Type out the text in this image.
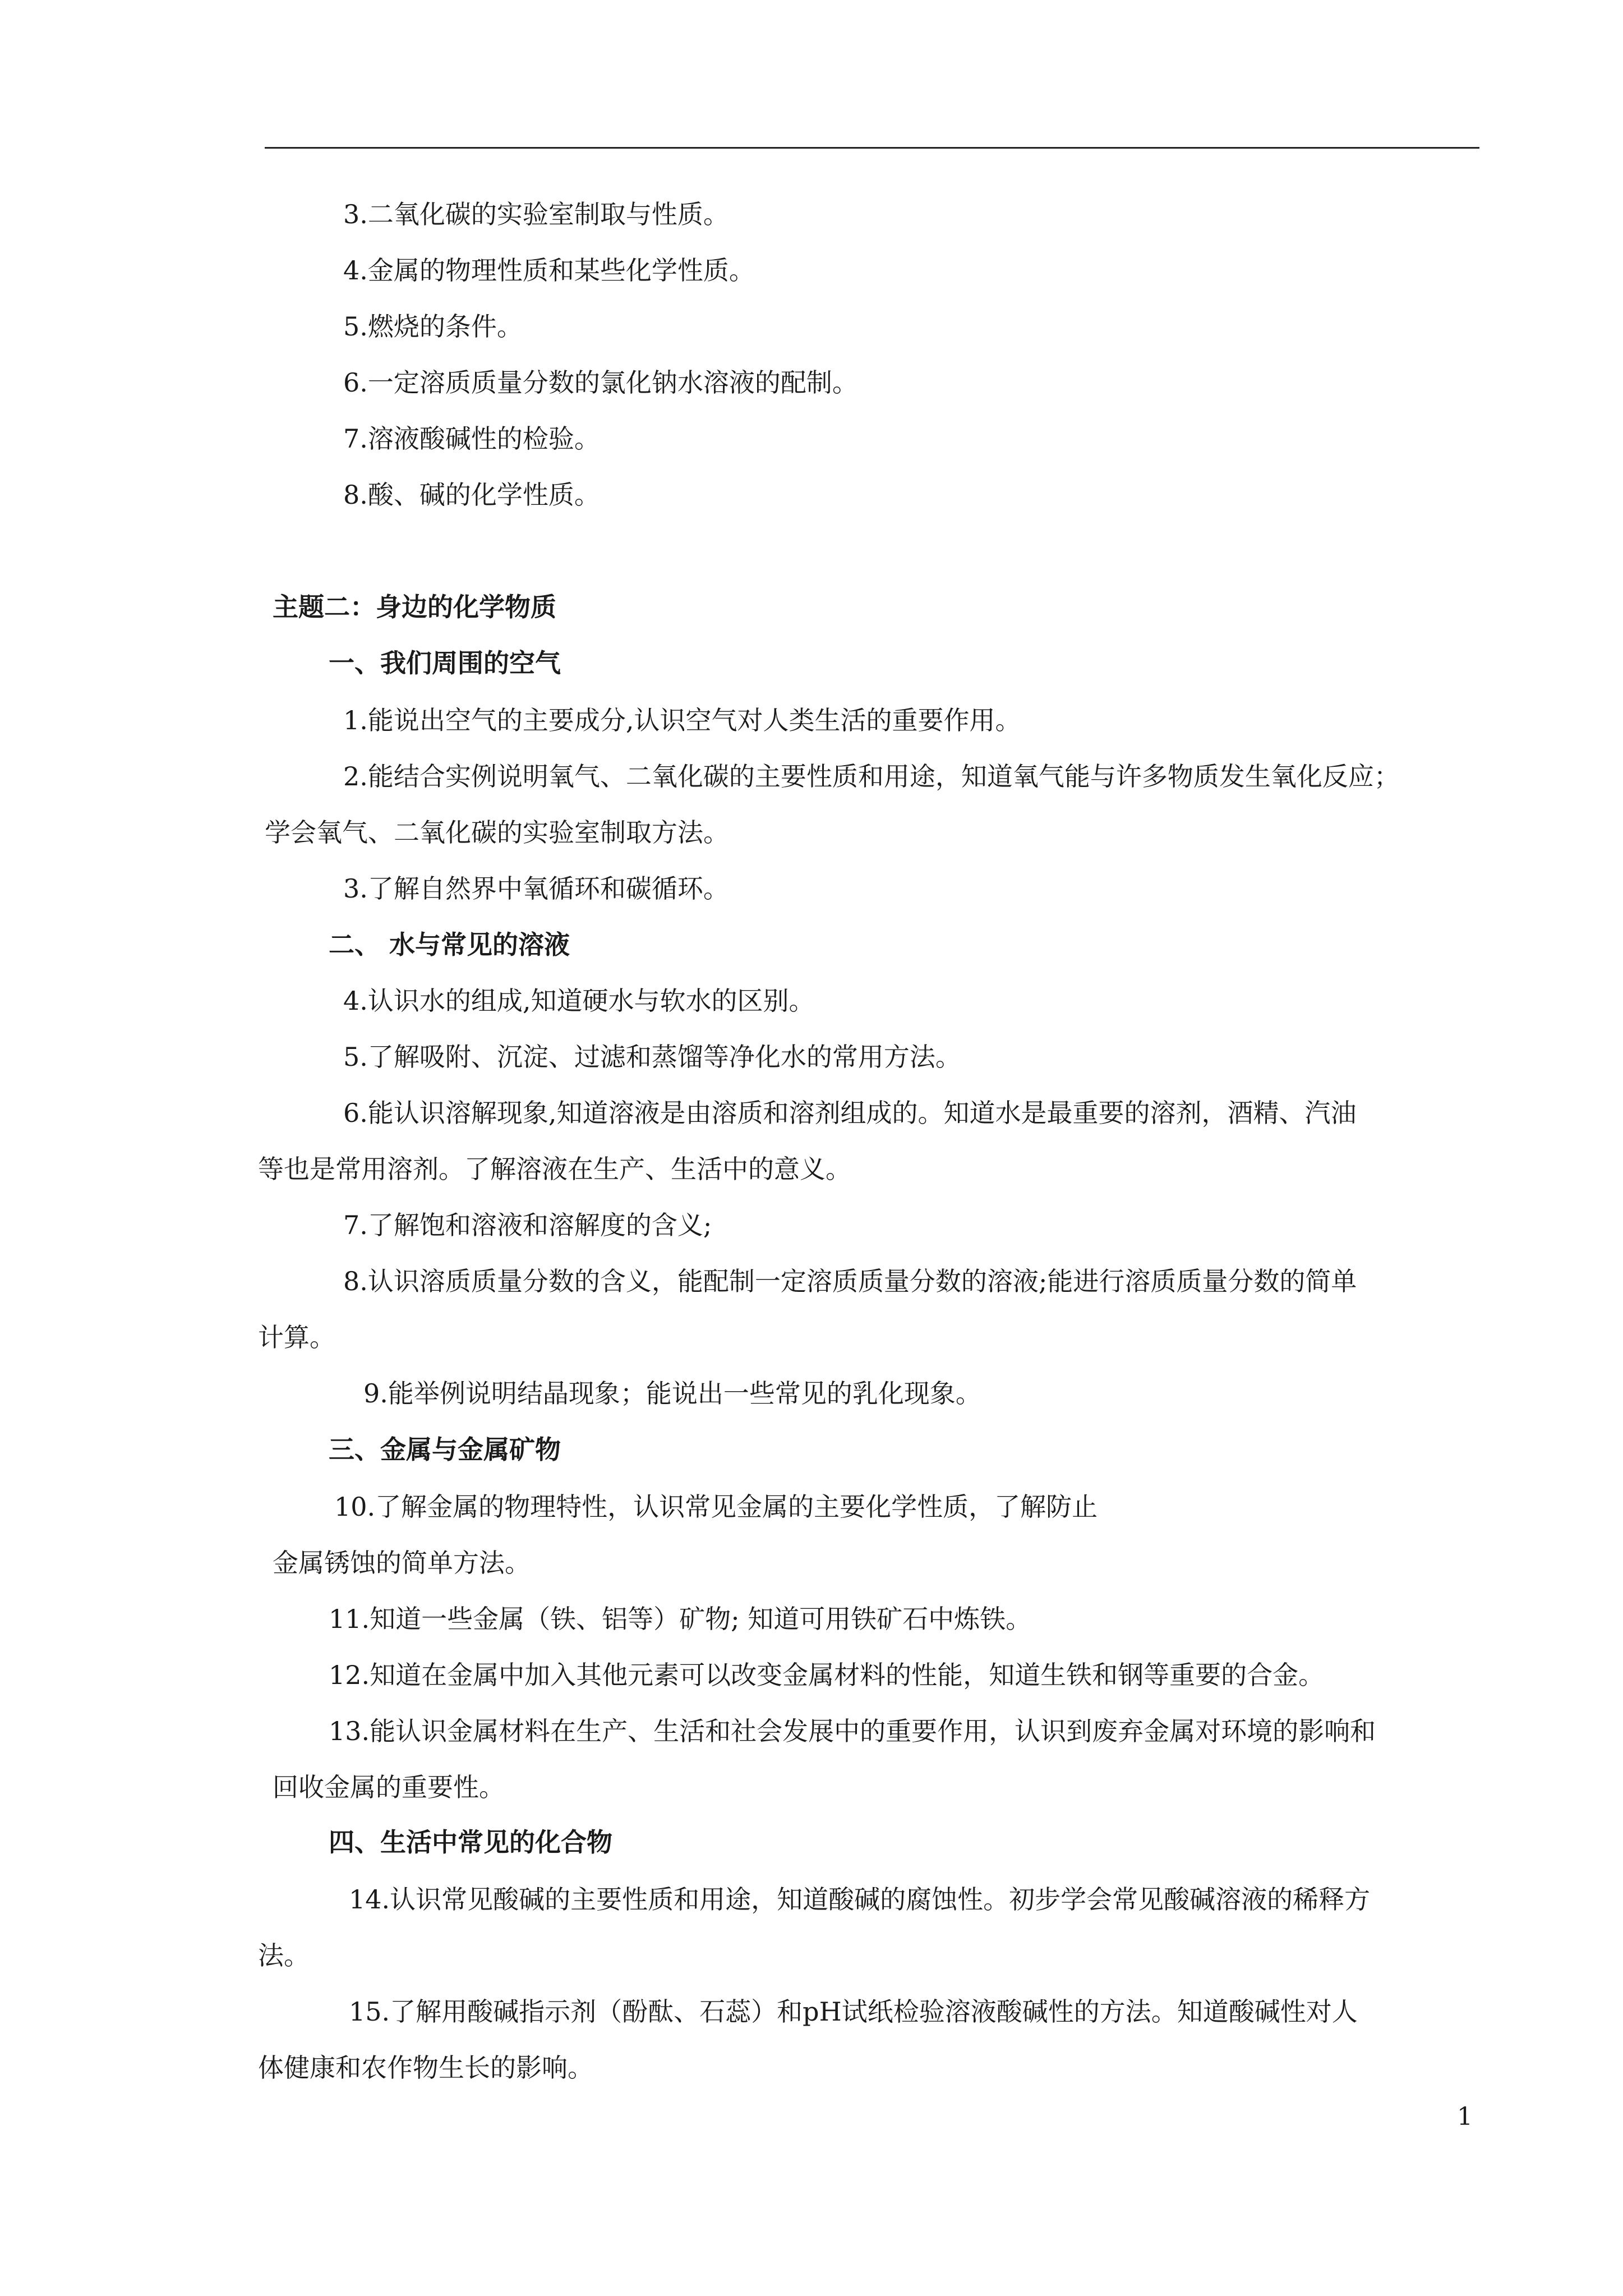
3.二氧化碳的实验室制取与性质。
4.金属的物理性质和某些化学性质。
5.燃烧的条件。
6.一定溶质质量分数的氯化钠水溶液的配制。
7.溶液酸碱性的检验。
8.酸、碱的化学性质。
主题二：身边的化学物质
一、我们周围的空气
1.能说出空气的主要成分,认识空气对人类生活的重要作用。
2.能结合实例说明氧气、二氧化碳的主要性质和用途，知道氧气能与许多物质发生氧化反应；
学会氧气、二氧化碳的实验室制取方法。
3.了解自然界中氧循环和碳循环。
二、 水与常见的溶液
4.认识水的组成,知道硬水与软水的区别。
5.了解吸附、沉淀、过滤和蒸馏等净化水的常用方法。
6.能认识溶解现象,知道溶液是由溶质和溶剂组成的。知道水是最重要的溶剂，酒精、汽油
等也是常用溶剂。了解溶液在生产、生活中的意义。
7.了解饱和溶液和溶解度的含义;
8.认识溶质质量分数的含义，能配制一定溶质质量分数的溶液;能进行溶质质量分数的简单
计算。
9.能举例说明结晶现象；能说出一些常见的乳化现象。
三、金属与金属矿物
10.了解金属的物理特性，认识常见金属的主要化学性质，了解防止
金属锈蚀的简单方法。
11.知道一些金属（铁、铝等）矿物; 知道可用铁矿石中炼铁。
12.知道在金属中加入其他元素可以改变金属材料的性能，知道生铁和钢等重要的合金。
13.能认识金属材料在生产、生活和社会发展中的重要作用，认识到废弃金属对环境的影响和
回收金属的重要性。
四、生活中常见的化合物
14.认识常见酸碱的主要性质和用途，知道酸碱的腐蚀性。初步学会常见酸碱溶液的稀释方
法。
15.了解用酸碱指示剂（酚酞、石蕊）和pH试纸检验溶液酸碱性的方法。知道酸碱性对人
体健康和农作物生长的影响。
1
